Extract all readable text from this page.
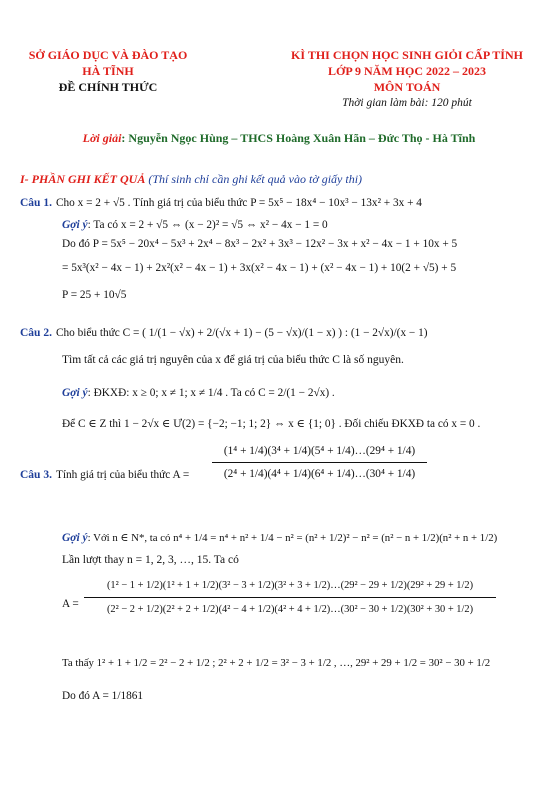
SỞ GIÁO DỤC VÀ ĐÀO TẠO
HÀ TĨNH
ĐỀ CHÍNH THỨC
KÌ THI CHỌN HỌC SINH GIỎI CẤP TỈNH
LỚP 9 NĂM HỌC 2022 – 2023
MÔN TOÁN
Thời gian làm bài: 120 phút
Lời giải: Nguyễn Ngọc Hùng – THCS Hoàng Xuân Hãn – Đức Thọ - Hà Tĩnh
I- PHẦN GHI KẾT QUẢ (Thí sinh chỉ cần ghi kết quả vào tờ giấy thi)
Câu 1. Cho x = 2 + √5 . Tính giá trị của biểu thức P = 5x⁵ − 18x⁴ − 10x³ − 13x² + 3x + 4
Gợi ý: Ta có x = 2 + √5 ⇔ (x − 2)² = √5 ⇔ x² − 4x − 1 = 0
Do đó P = 5x⁵ − 20x⁴ − 5x³ + 2x⁴ − 8x³ − 2x² + 3x³ − 12x² − 3x + x² − 4x − 1 + 10x + 5
= 5x³(x² − 4x − 1) + 2x²(x² − 4x − 1) + 3x(x² − 4x − 1) + (x² − 4x − 1) + 10(2 + √5) + 5
P = 25 + 10√5
Câu 2. Cho biểu thức C = ( 1/(1 − √x) + 2/(√x + 1) − (5 − √x)/(1 − x) ) : (1 − 2√x)/(x − 1)
Tìm tất cả các giá trị nguyên của x để giá trị của biểu thức C là số nguyên.
Gợi ý: ĐKXĐ: x ≥ 0; x ≠ 1; x ≠ 1/4 . Ta có C = 2/(1 − 2√x) .
Để C ∈ Z thì 1 − 2√x ∈ Ư(2) = {−2; −1; 1; 2} ⇔ x ∈ {1; 0} . Đối chiếu ĐKXĐ ta có x = 0 .
Câu 3. Tính giá trị của biểu thức A =
(1⁴ + 1/4)(3⁴ + 1/4)(5⁴ + 1/4)…(29⁴ + 1/4)
(2⁴ + 1/4)(4⁴ + 1/4)(6⁴ + 1/4)…(30⁴ + 1/4)
Gợi ý: Với n ∈ N*, ta có n⁴ + 1/4 = n⁴ + n² + 1/4 − n² = (n² + 1/2)² − n² = (n² − n + 1/2)(n² + n + 1/2)
Lần lượt thay n = 1, 2, 3, …, 15. Ta có
A =
(1² − 1 + 1/2)(1² + 1 + 1/2)(3² − 3 + 1/2)(3² + 3 + 1/2)…(29² − 29 + 1/2)(29² + 29 + 1/2)
(2² − 2 + 1/2)(2² + 2 + 1/2)(4² − 4 + 1/2)(4² + 4 + 1/2)…(30² − 30 + 1/2)(30² + 30 + 1/2)
Ta thấy 1² + 1 + 1/2 = 2² − 2 + 1/2 ; 2² + 2 + 1/2 = 3² − 3 + 1/2 , …, 29² + 29 + 1/2 = 30² − 30 + 1/2
Do đó A = 1/1861
